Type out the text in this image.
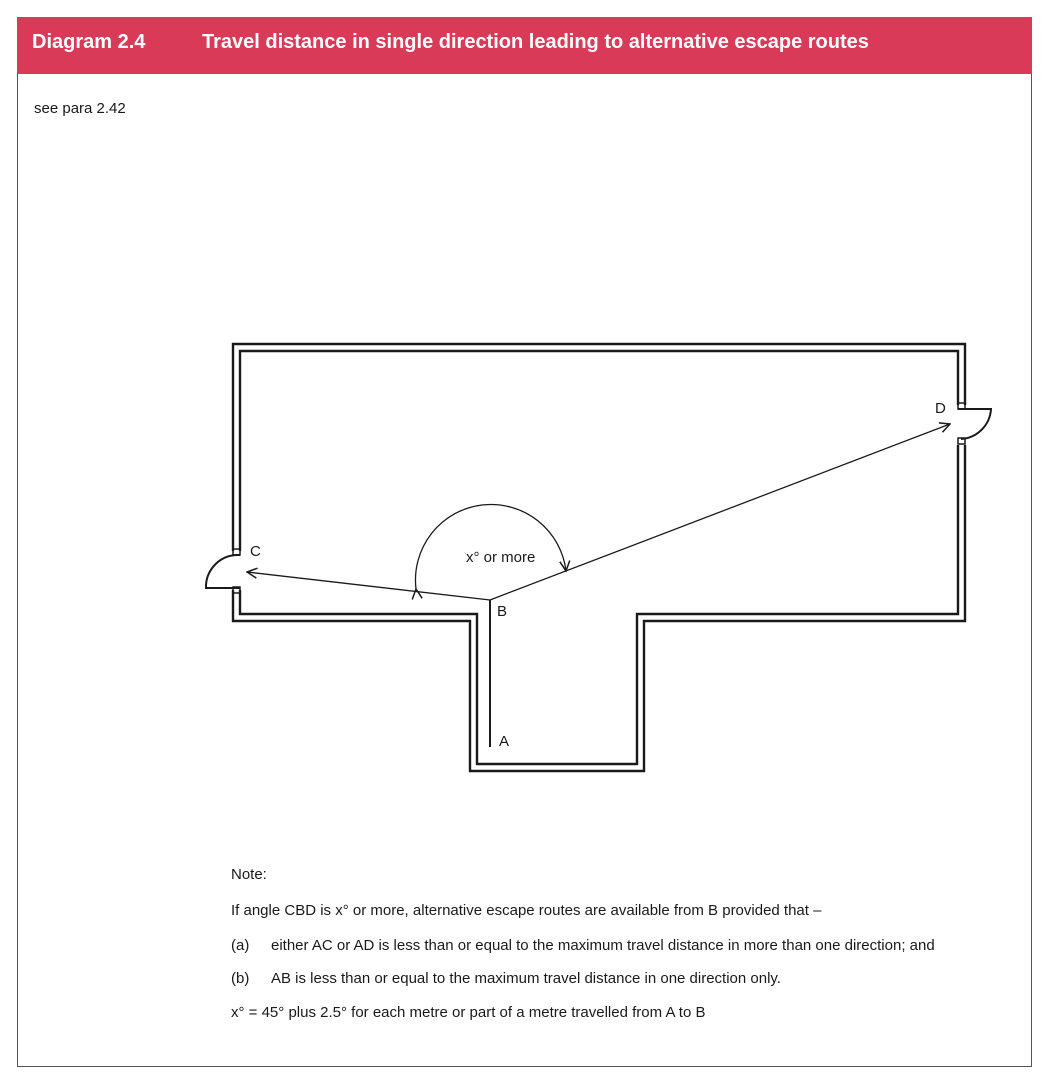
Diagram 2.4	Travel distance in single direction leading to alternative escape routes
see para 2.42
C
D
B
A
x° or more

Note:

If angle CBD is x° or more, alternative escape routes are available from B provided that –

(a)	either AC or AD is less than or equal to the maximum travel distance in more than one direction; and

(b)	AB is less than or equal to the maximum travel distance in one direction only.

x° = 45° plus 2.5° for each metre or part of a metre travelled from A to B
